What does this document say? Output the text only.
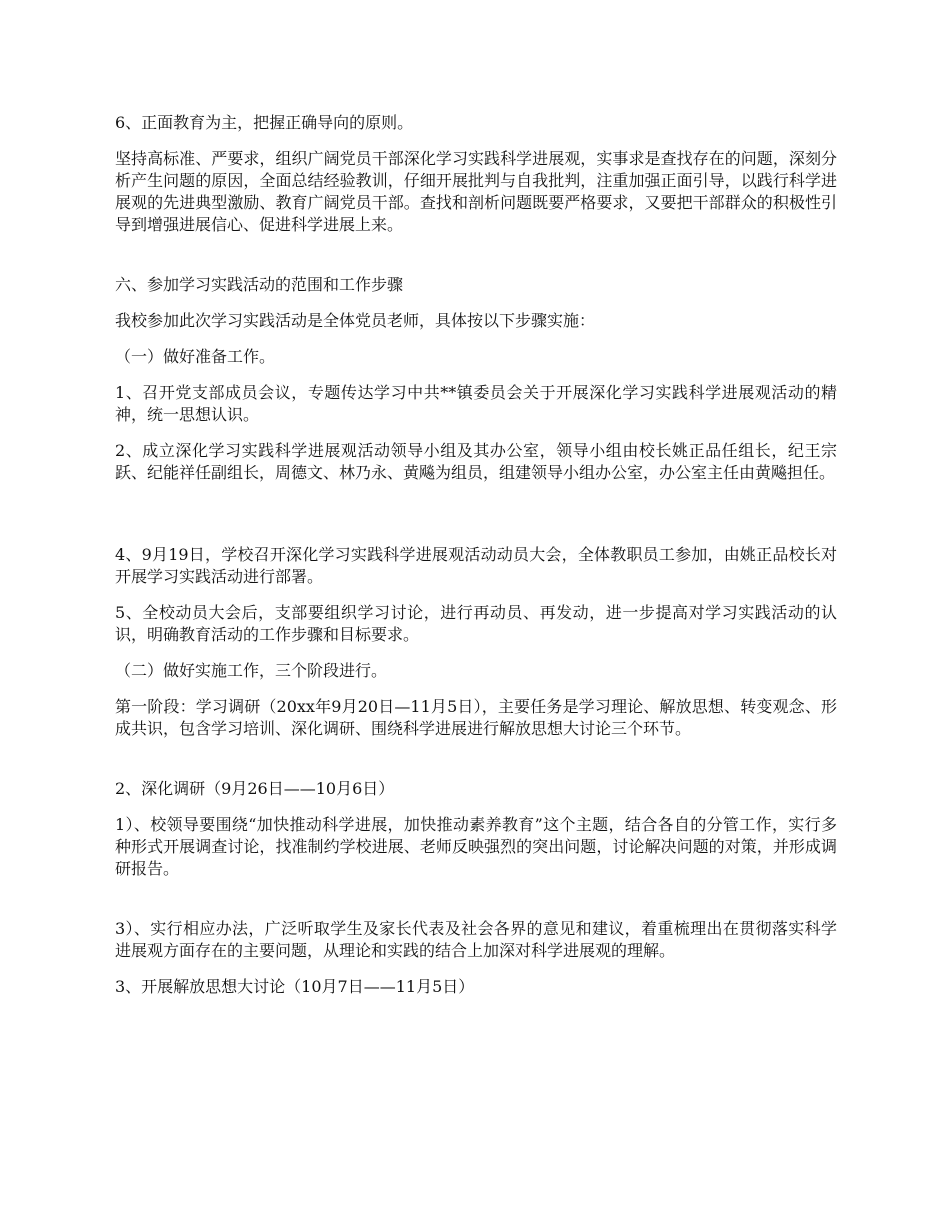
6、正面教育为主，把握正确导向的原则。

坚持高标准、严要求，组织广阔党员干部深化学习实践科学进展观，实事求是查找存在的问题，深刻分析产生问题的原因，全面总结经验教训，仔细开展批判与自我批判，注重加强正面引导，以践行科学进展观的先进典型激励、教育广阔党员干部。查找和剖析问题既要严格要求，又要把干部群众的积极性引导到增强进展信心、促进科学进展上来。

六、参加学习实践活动的范围和工作步骤

我校参加此次学习实践活动是全体党员老师，具体按以下步骤实施：

（一）做好准备工作。

1、召开党支部成员会议，专题传达学习中共**镇委员会关于开展深化学习实践科学进展观活动的精神，统一思想认识。

2、成立深化学习实践科学进展观活动领导小组及其办公室，领导小组由校长姚正品任组长，纪王宗跃、纪能祥任副组长，周德文、林乃永、黄飚为组员，组建领导小组办公室，办公室主任由黄飚担任。

4、9月19日，学校召开深化学习实践科学进展观活动动员大会，全体教职员工参加，由姚正品校长对开展学习实践活动进行部署。

5、全校动员大会后，支部要组织学习讨论，进行再动员、再发动，进一步提高对学习实践活动的认识，明确教育活动的工作步骤和目标要求。

（二）做好实施工作，三个阶段进行。

第一阶段：学习调研（20xx年9月20日—11月5日），主要任务是学习理论、解放思想、转变观念、形成共识，包含学习培训、深化调研、围绕科学进展进行解放思想大讨论三个环节。

2、深化调研（9月26日——10月6日）

1）、校领导要围绕“加快推动科学进展，加快推动素养教育”这个主题，结合各自的分管工作，实行多种形式开展调查讨论，找准制约学校进展、老师反映强烈的突出问题，讨论解决问题的对策，并形成调研报告。

3）、实行相应办法，广泛听取学生及家长代表及社会各界的意见和建议，着重梳理出在贯彻落实科学进展观方面存在的主要问题，从理论和实践的结合上加深对科学进展观的理解。

3、开展解放思想大讨论（10月7日——11月5日）
